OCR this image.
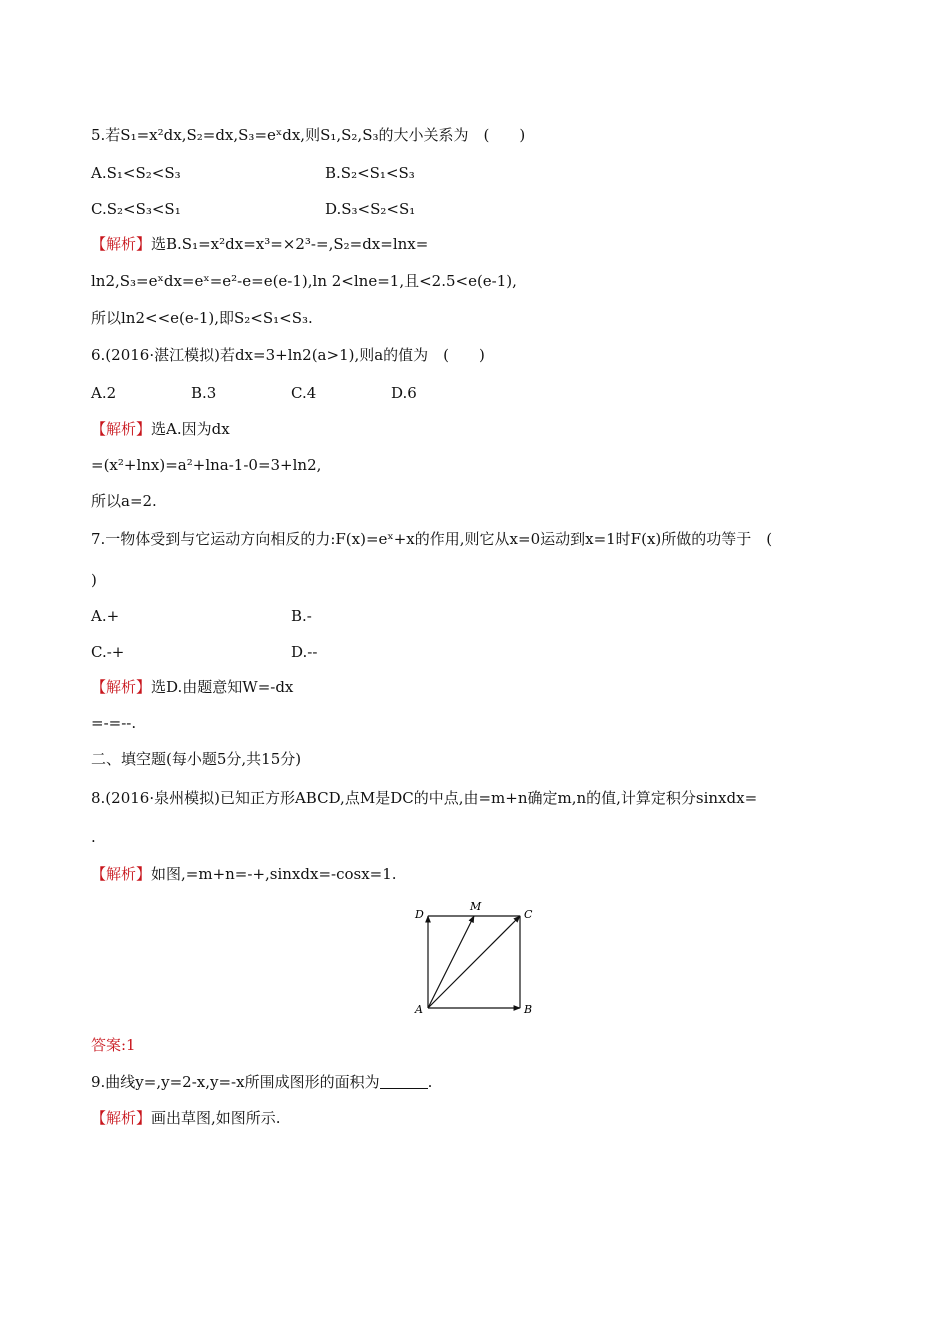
5.若S₁=x²dx,S₂=dx,S₃=eˣdx,则S₁,S₂,S₃的大小关系为　(　　)
A.S₁<S₂<S₃	B.S₂<S₁<S₃
C.S₂<S₃<S₁	D.S₃<S₂<S₁
【解析】选B.S₁=x²dx=x³=×2³-=,S₂=dx=lnx=
ln2,S₃=eˣdx=eˣ=e²-e=e(e-1),ln 2<lne=1,且<2.5<e(e-1),
所以ln2<<e(e-1),即S₂<S₁<S₃.
6.(2016·湛江模拟)若dx=3+ln2(a>1),则a的值为　(　　)
A.2	B.3	C.4	D.6
【解析】选A.因为dx
=(x²+lnx)=a²+lna-1-0=3+ln2,
所以a=2.
7.一物体受到与它运动方向相反的力:F(x)=eˣ+x的作用,则它从x=0运动到x=1时F(x)所做的功等于　(
)
A.+	B.-
C.-+	D.--
【解析】选D.由题意知W=-dx
=-=--.
二、填空题(每小题5分,共15分)
8.(2016·泉州模拟)已知正方形ABCD,点M是DC的中点,由=m+n确定m,n的值,计算定积分sinxdx=
.
【解析】如图,=m+n=-+,sinxdx=-cosx=1.
D
M
C
A	B
答案:1
9.曲线y=,y=2-x,y=-x所围成图形的面积为	.
【解析】画出草图,如图所示.
